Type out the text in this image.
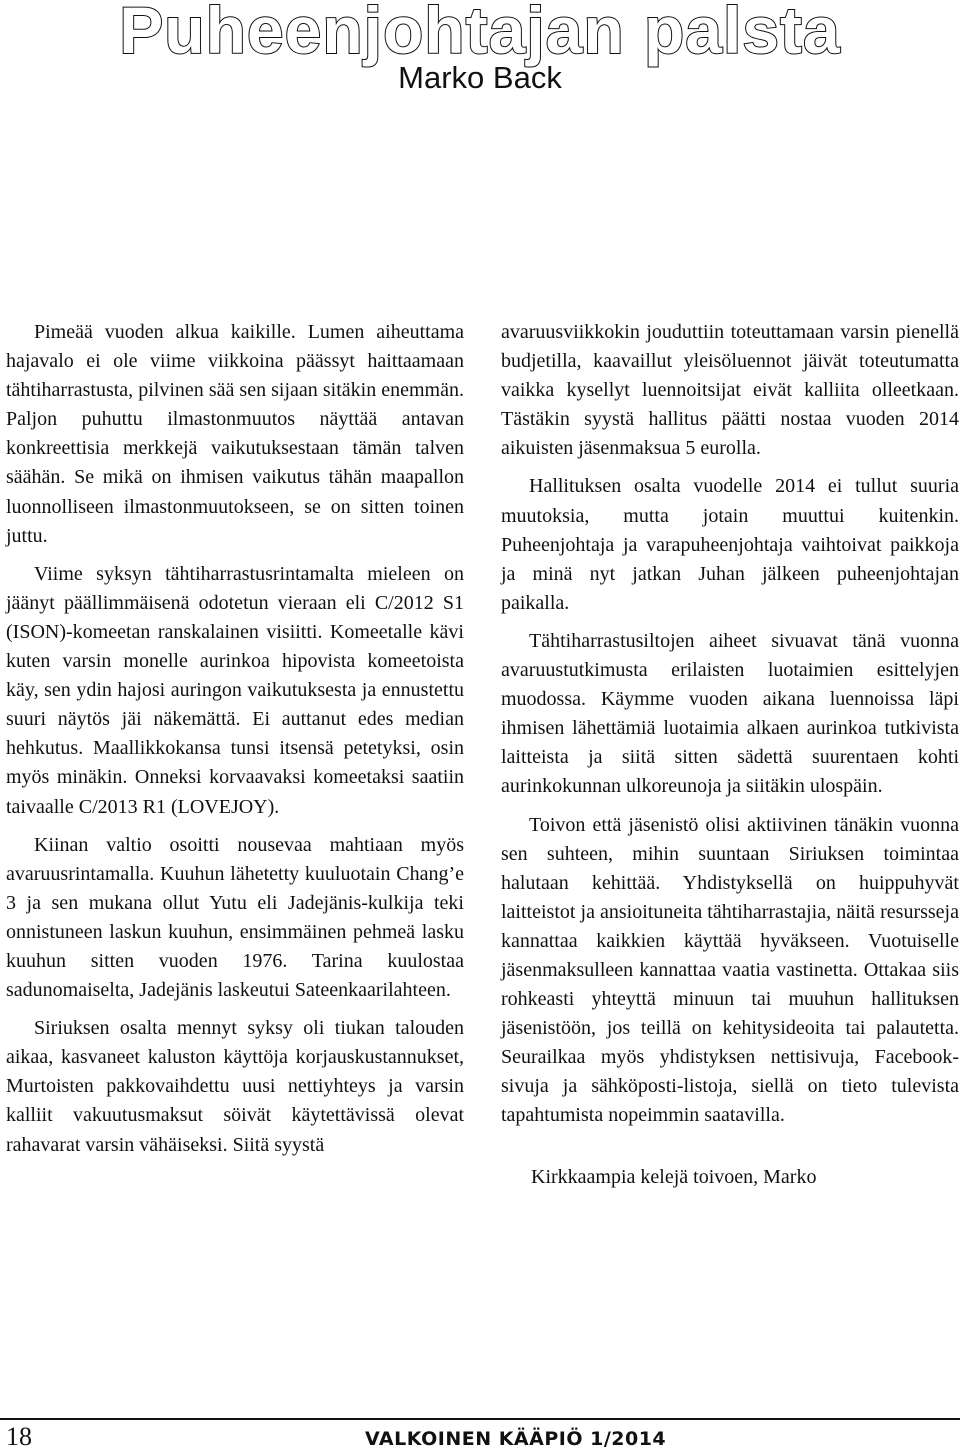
Puheenjohtajan palsta
Marko Back

Pimeää vuoden alkua kaikille. Lumen aiheuttama hajavalo ei ole viime viikkoina päässyt haittaamaan tähtiharrastusta, pilvinen sää sen sijaan sitäkin enemmän. Paljon puhuttu ilmastonmuutos näyttää antavan konkreettisia merkkejä vaikutuksestaan tämän talven säähän. Se mikä on ihmisen vaikutus tähän maapallon luonnolliseen ilmastonmuutokseen, se on sitten toinen juttu.

Viime syksyn tähtiharrastusrintamalta mieleen on jäänyt päällimmäisenä odotetun vieraan eli C/2012 S1 (ISON)-komeetan ranskalainen visiitti. Komeetalle kävi kuten varsin monelle aurinkoa hipovista komeetoista käy, sen ydin hajosi auringon vaikutuksesta ja ennustettu suuri näytös jäi näkemättä. Ei auttanut edes median hehkutus. Maallikkokansa tunsi itsensä petetyksi, osin myös minäkin. Onneksi korvaavaksi komeetaksi saatiin taivaalle C/2013 R1 (LOVEJOY).

Kiinan valtio osoitti nousevaa mahtiaan myös avaruusrintamalla. Kuuhun lähetetty kuuluotain Chang’e 3 ja sen mukana ollut Yutu eli Jadejänis-kulkija teki onnistuneen laskun kuuhun, ensimmäinen pehmeä lasku kuuhun sitten vuoden 1976. Tarina kuulostaa sadunomaiselta, Jadejänis laskeutui Sateenkaarilahteen.

Siriuksen osalta mennyt syksy oli tiukan talouden aikaa, kasvaneet kaluston käyttöja korjauskustannukset, Murtoisten pakkovaihdettu uusi nettiyhteys ja varsin kalliit vakuutusmaksut söivät käytettävissä olevat rahavarat varsin vähäiseksi. Siitä syystä

avaruusviikkokin jouduttiin toteuttamaan varsin pienellä budjetilla, kaavaillut yleisöluennot jäivät toteutumatta vaikka kysellyt luennoitsijat eivät kalliita olleetkaan. Tästäkin syystä hallitus päätti nostaa vuoden 2014 aikuisten jäsenmaksua 5 eurolla.

Hallituksen osalta vuodelle 2014 ei tullut suuria muutoksia, mutta jotain muuttui kuitenkin. Puheenjohtaja ja varapuheenjohtaja vaihtoivat paikkoja ja minä nyt jatkan Juhan jälkeen puheenjohtajan paikalla.

Tähtiharrastusiltojen aiheet sivuavat tänä vuonna avaruustutkimusta erilaisten luotaimien esittelyjen muodossa. Käymme vuoden aikana luennoissa läpi ihmisen lähettämiä luotaimia alkaen aurinkoa tutkivista laitteista ja siitä sitten sädettä suurentaen kohti aurinkokunnan ulkoreunoja ja siitäkin ulospäin.

Toivon että jäsenistö olisi aktiivinen tänäkin vuonna sen suhteen, mihin suuntaan Siriuksen toimintaa halutaan kehittää. Yhdistyksellä on huippuhyvät laitteistot ja ansioituneita tähtiharrastajia, näitä resursseja kannattaa kaikkien käyttää hyväkseen. Vuotuiselle jäsenmaksulleen kannattaa vaatia vastinetta. Ottakaa siis rohkeasti yhteyttä minuun tai muuhun hallituksen jäsenistöön, jos teillä on kehitysideoita tai palautetta. Seurailkaa myös yhdistyksen nettisivuja, Facebook-sivuja ja sähköposti-listoja, siellä on tieto tulevista tapahtumista nopeimmin saatavilla.

Kirkkaampia kelejä toivoen, Marko

18	VALKOINEN KÄÄPIÖ 1/2014
